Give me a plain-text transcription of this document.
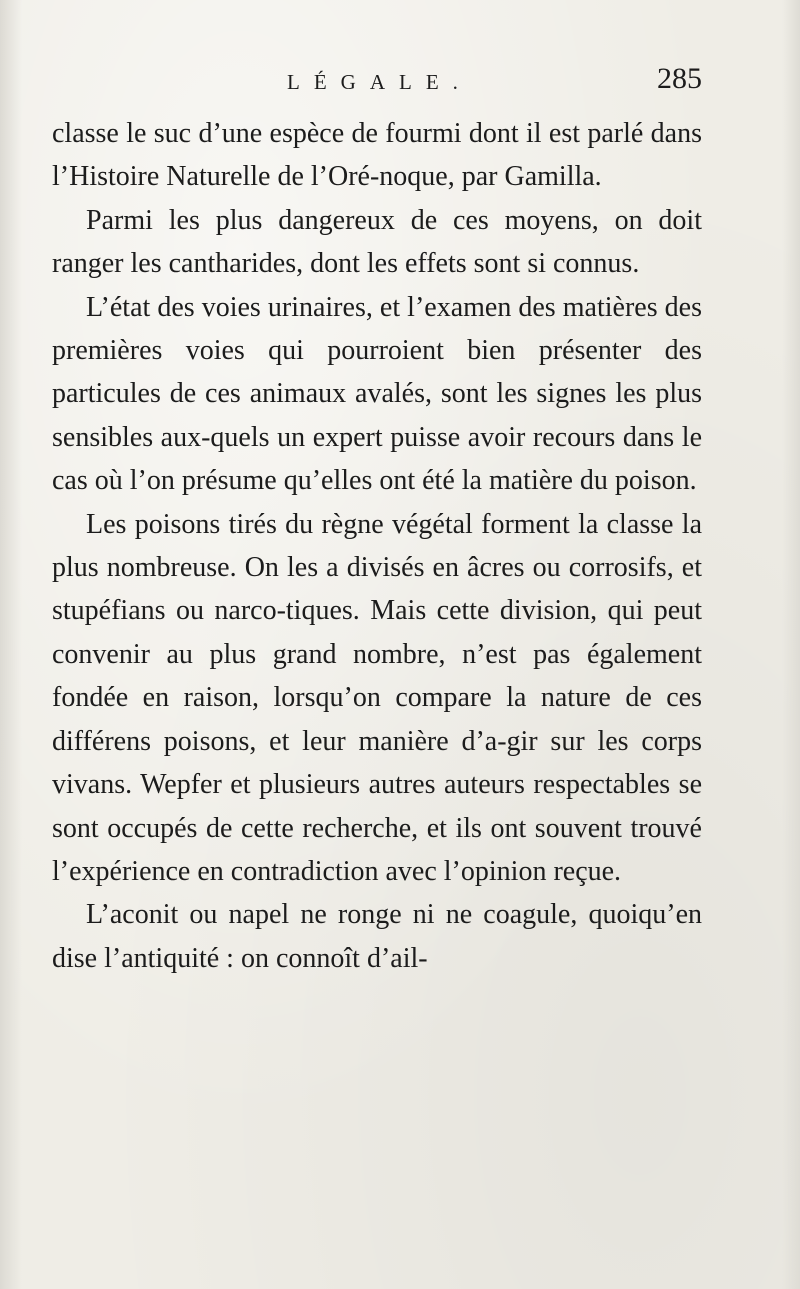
LÉGALE.	285

classe le suc d’une espèce de fourmi dont il est parlé dans l’Histoire Naturelle de l’Oré-noque, par Gamilla.

Parmi les plus dangereux de ces moyens, on doit ranger les cantharides, dont les effets sont si connus.

L’état des voies urinaires, et l’examen des matières des premières voies qui pourroient bien présenter des particules de ces animaux avalés, sont les signes les plus sensibles aux-quels un expert puisse avoir recours dans le cas où l’on présume qu’elles ont été la matière du poison.

Les poisons tirés du règne végétal forment la classe la plus nombreuse. On les a divisés en âcres ou corrosifs, et stupéfians ou narco-tiques. Mais cette division, qui peut convenir au plus grand nombre, n’est pas également fondée en raison, lorsqu’on compare la nature de ces différens poisons, et leur manière d’a-gir sur les corps vivans. Wepfer et plusieurs autres auteurs respectables se sont occupés de cette recherche, et ils ont souvent trouvé l’expérience en contradiction avec l’opinion reçue.

L’aconit ou napel ne ronge ni ne coagule, quoiqu’en dise l’antiquité : on connoît d’ail-
